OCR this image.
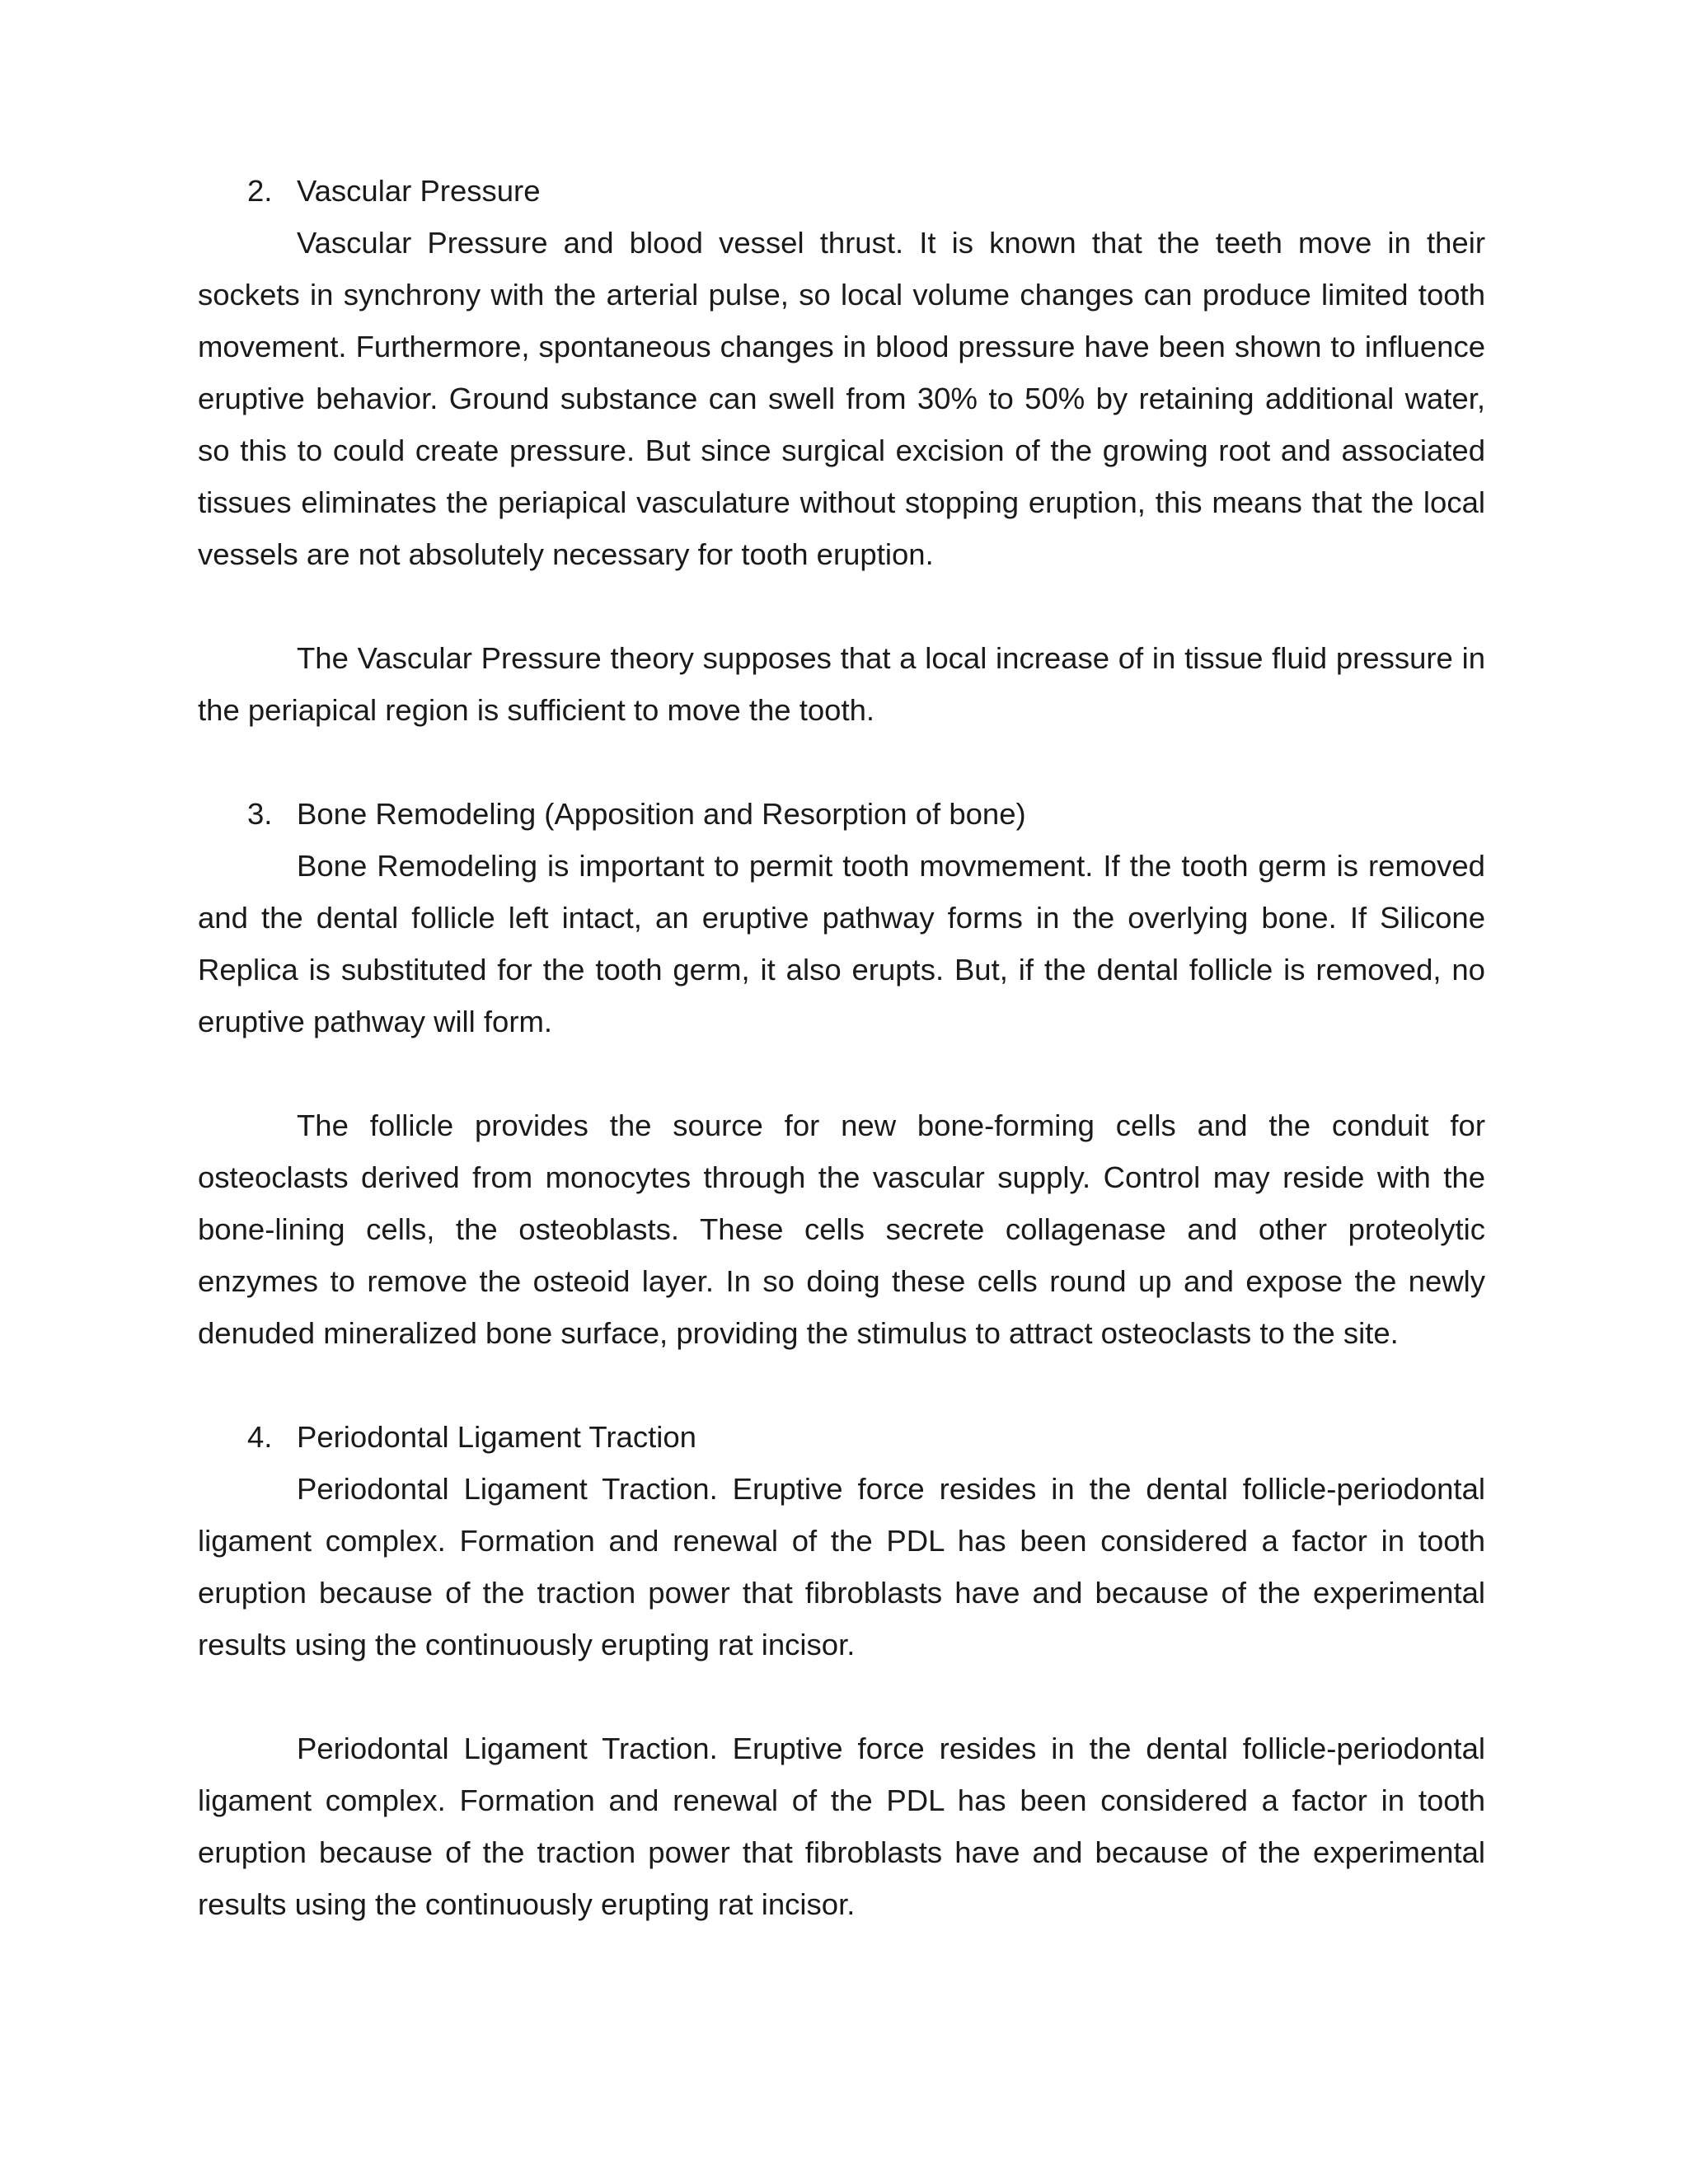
2. Vascular Pressure

Vascular Pressure and blood vessel thrust. It is known that the teeth move in their sockets in synchrony with the arterial pulse, so local volume changes can produce limited tooth movement. Furthermore, spontaneous changes in blood pressure have been shown to influence eruptive behavior. Ground substance can swell from 30% to 50% by retaining additional water, so this to could create pressure. But since surgical excision of the growing root and associated tissues eliminates the periapical vasculature without stopping eruption, this means that the local vessels are not absolutely necessary for tooth eruption.

The Vascular Pressure theory supposes that a local increase of in tissue fluid pressure in the periapical region is sufficient to move the tooth.

3. Bone Remodeling (Apposition and Resorption of bone)

Bone Remodeling is important to permit tooth movmement. If the tooth germ is removed and the dental follicle left intact, an eruptive pathway forms in the overlying bone. If Silicone Replica is substituted for the tooth germ, it also erupts. But, if the dental follicle is removed, no eruptive pathway will form.

The follicle provides the source for new bone-forming cells and the conduit for osteoclasts derived from monocytes through the vascular supply. Control may reside with the bone-lining cells, the osteoblasts. These cells secrete collagenase and other proteolytic enzymes to remove the osteoid layer. In so doing these cells round up and expose the newly denuded mineralized bone surface, providing the stimulus to attract osteoclasts to the site.

4. Periodontal Ligament Traction

Periodontal Ligament Traction. Eruptive force resides in the dental follicle-periodontal ligament complex. Formation and renewal of the PDL has been considered a factor in tooth eruption because of the traction power that fibroblasts have and because of the experimental results using the continuously erupting rat incisor.

Periodontal Ligament Traction. Eruptive force resides in the dental follicle-periodontal ligament complex. Formation and renewal of the PDL has been considered a factor in tooth eruption because of the traction power that fibroblasts have and because of the experimental results using the continuously erupting rat incisor.
